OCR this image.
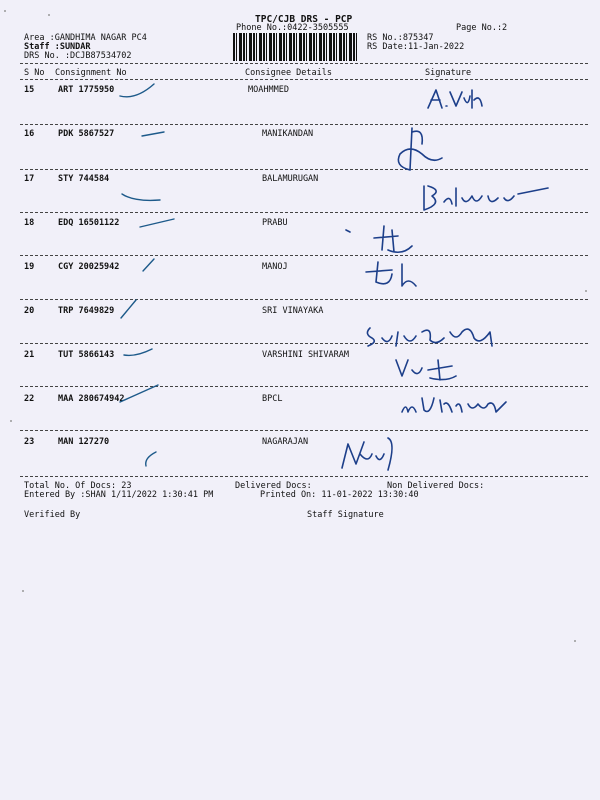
TPC/CJB DRS - PCP
Phone No.:0422-3505555
Area :GANDHIMA NAGAR PC4
Staff :SUNDAR
DRS No. :DCJB87534702
RS No.:875347
RS Date:11-Jan-2022
Page No.:2
S No Consignment No	Consignee Details	Signature
15	ART 1775950	MOAHMMED
16	PDK 5867527	MANIKANDAN
17	STY 744584	BALAMURUGAN
18	EDQ 16501122	PRABU
19	CGY 20025942	MANOJ
20	TRP 7649829	SRI VINAYAKA
21	TUT 5866143	VARSHINI SHIVARAM
22	MAA 280674942	BPCL
23	MAN 127270	NAGARAJAN
Total No. Of Docs: 23	Delivered Docs:	Non Delivered Docs:
Entered By :SHAN 1/11/2022 1:30:41 PM	Printed On: 11-01-2022 13:30:40
Verified By	Staff Signature
